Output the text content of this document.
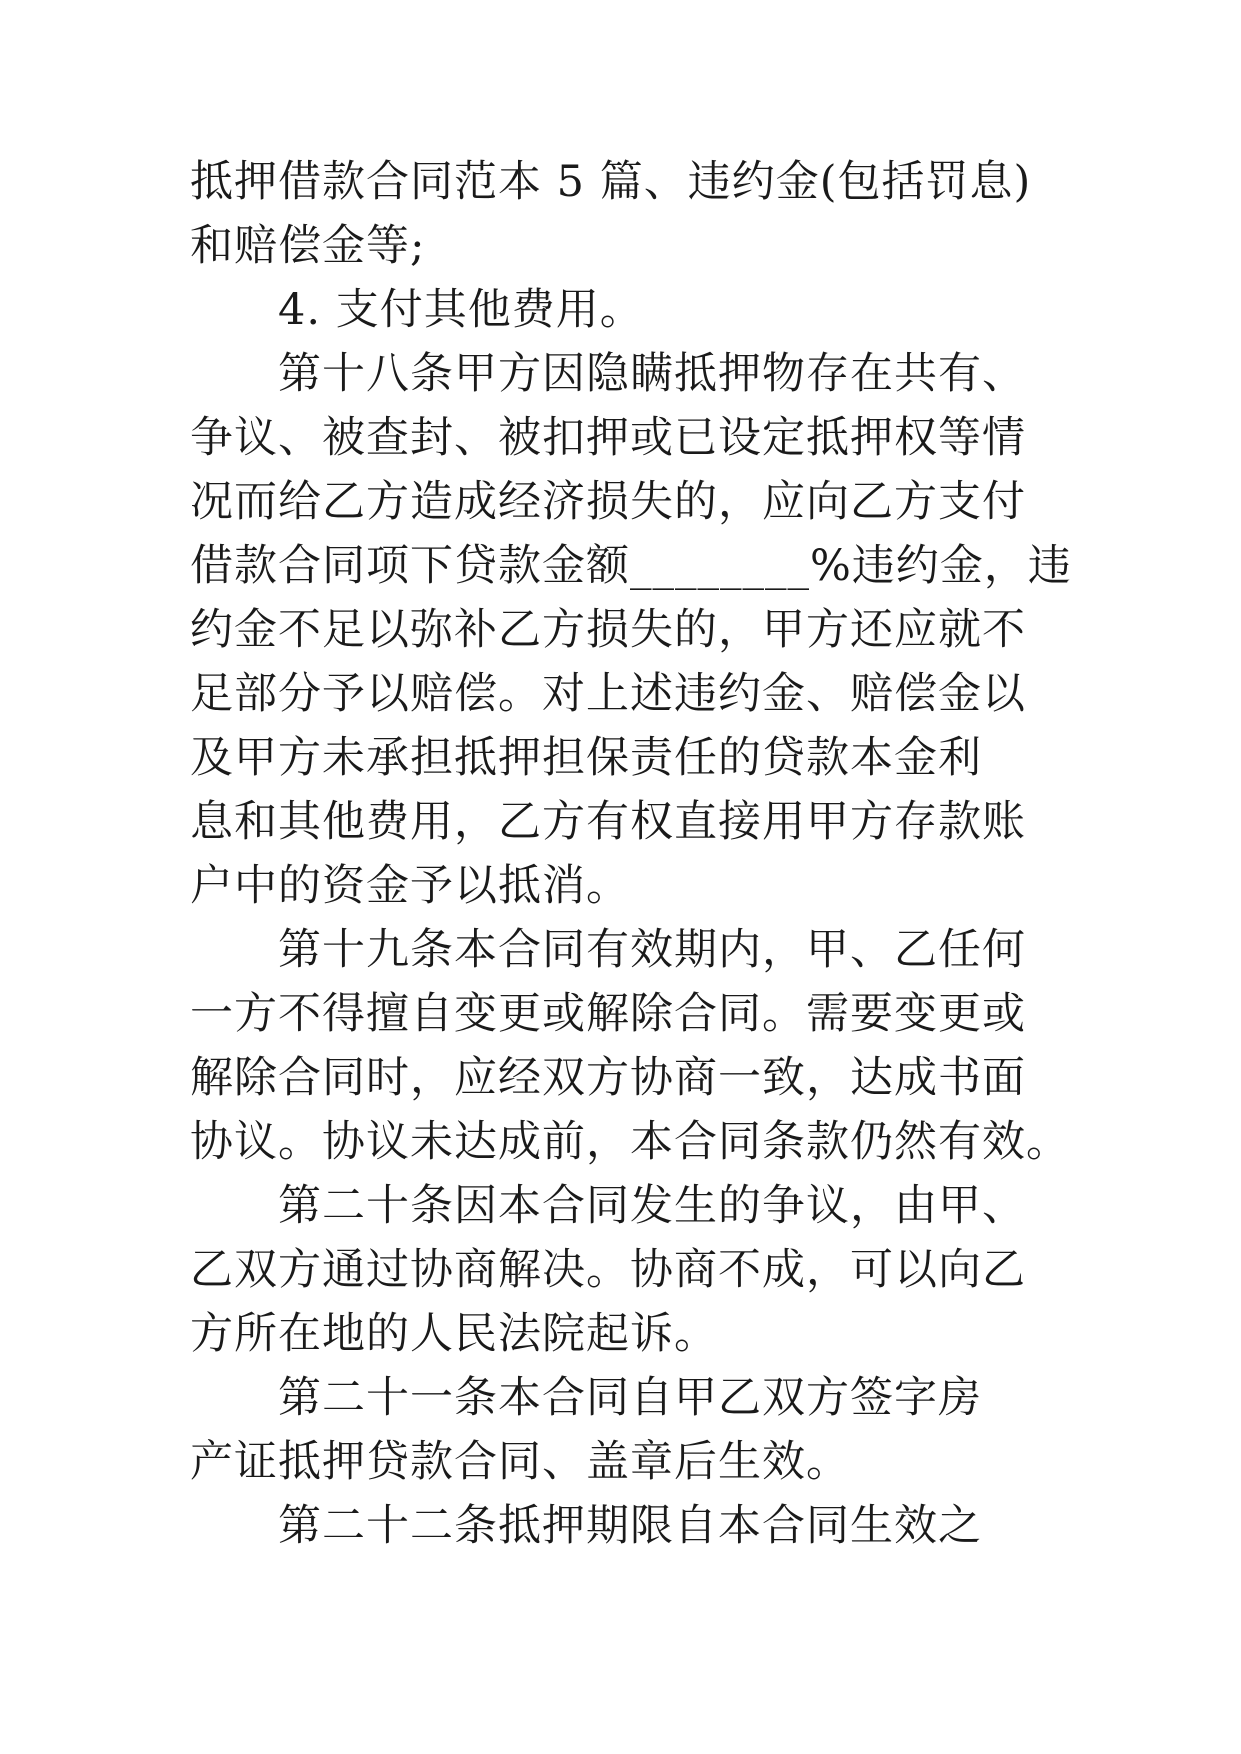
抵押借款合同范本 5 篇、违约金(包括罚息)
和赔偿金等;
4. 支付其他费用。
第十八条甲方因隐瞒抵押物存在共有、
争议、被查封、被扣押或已设定抵押权等情
况而给乙方造成经济损失的，应向乙方支付
借款合同项下贷款金额________%违约金，违
约金不足以弥补乙方损失的，甲方还应就不
足部分予以赔偿。对上述违约金、赔偿金以
及甲方未承担抵押担保责任的贷款本金利
息和其他费用，乙方有权直接用甲方存款账
户中的资金予以抵消。
第十九条本合同有效期内，甲、乙任何
一方不得擅自变更或解除合同。需要变更或
解除合同时，应经双方协商一致，达成书面
协议。协议未达成前，本合同条款仍然有效。
第二十条因本合同发生的争议，由甲、
乙双方通过协商解决。协商不成，可以向乙
方所在地的人民法院起诉。
第二十一条本合同自甲乙双方签字房
产证抵押贷款合同、盖章后生效。
第二十二条抵押期限自本合同生效之
